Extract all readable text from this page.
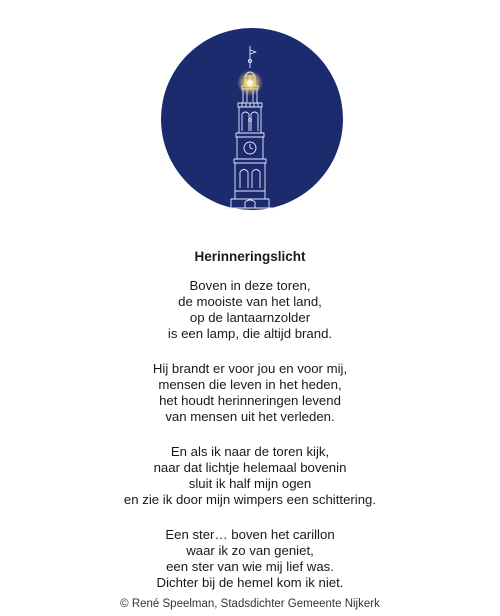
Herinneringslicht
Boven in deze toren,
de mooiste van het land,
op de lantaarnzolder
is een lamp, die altijd brand.
Hij brandt er voor jou en voor mij,
mensen die leven in het heden,
het houdt herinneringen levend
van mensen uit het verleden.
En als ik naar de toren kijk,
naar dat lichtje helemaal bovenin
sluit ik half mijn ogen
en zie ik door mijn wimpers een schittering.
Een ster… boven het carillon
waar ik zo van geniet,
een ster van wie mij lief was.
Dichter bij de hemel kom ik niet.
© René Speelman, Stadsdichter Gemeente Nijkerk
